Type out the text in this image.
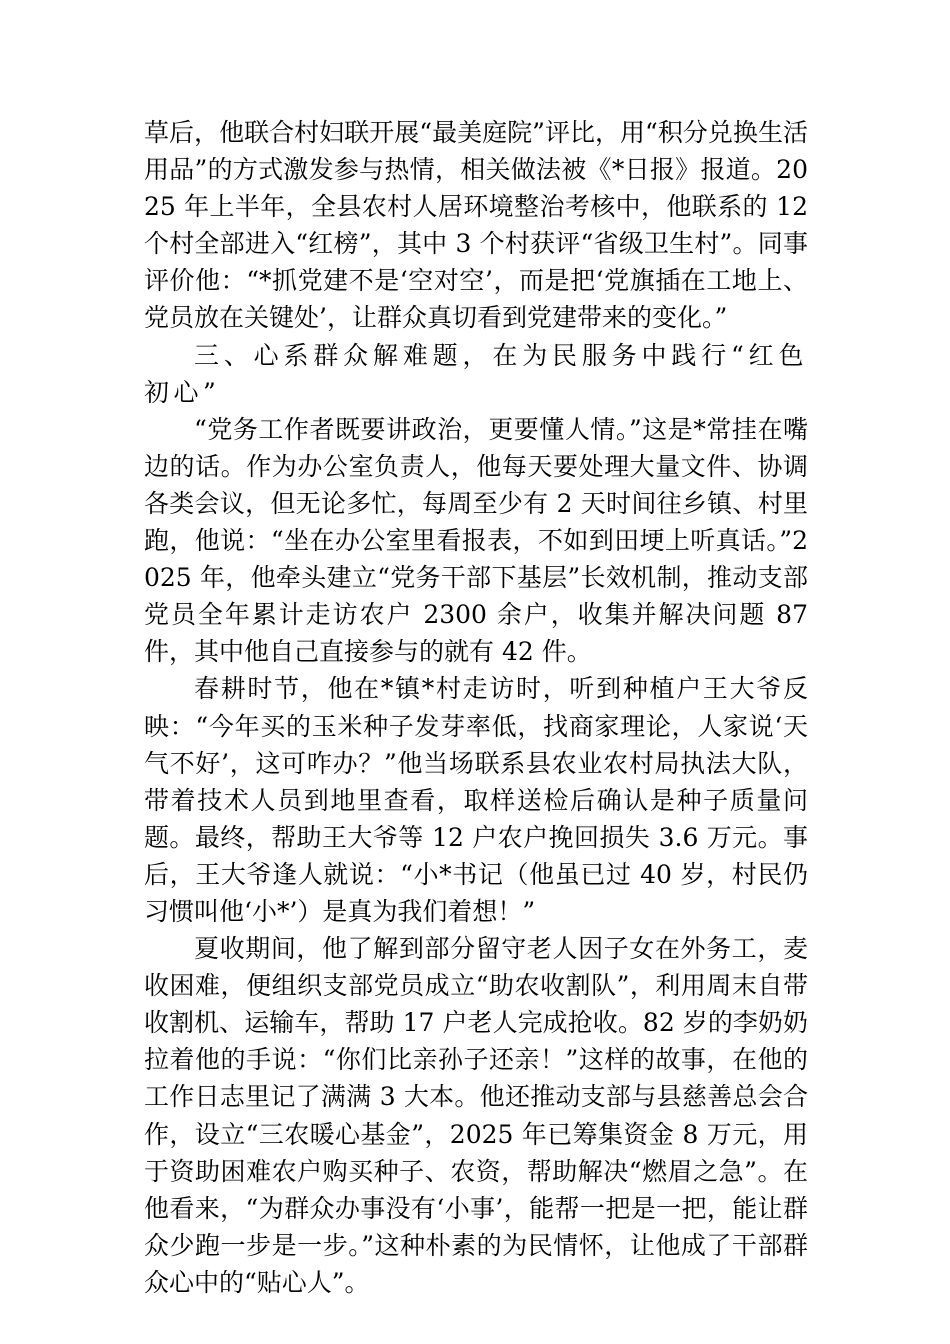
草后，他联合村妇联开展“最美庭院”评比，用“积分兑换生活用品”的方式激发参与热情，相关做法被《*日报》报道。2025 年上半年，全县农村人居环境整治考核中，他联系的 12 个村全部进入“红榜”，其中 3 个村获评“省级卫生村”。同事评价他：“*抓党建不是‘空对空’，而是把‘党旗插在工地上、党员放在关键处’，让群众真切看到党建带来的变化。”

三、心系群众解难题，在为民服务中践行“红色初心”

“党务工作者既要讲政治，更要懂人情。”这是*常挂在嘴边的话。作为办公室负责人，他每天要处理大量文件、协调各类会议，但无论多忙，每周至少有 2 天时间往乡镇、村里跑，他说：“坐在办公室里看报表，不如到田埂上听真话。”2025 年，他牵头建立“党务干部下基层”长效机制，推动支部党员全年累计走访农户 2300 余户，收集并解决问题 87 件，其中他自己直接参与的就有 42 件。

春耕时节，他在*镇*村走访时，听到种植户王大爷反映：“今年买的玉米种子发芽率低，找商家理论，人家说‘天气不好’，这可咋办？”他当场联系县农业农村局执法大队，带着技术人员到地里查看，取样送检后确认是种子质量问题。最终，帮助王大爷等 12 户农户挽回损失 3.6 万元。事后，王大爷逢人就说：“小*书记（他虽已过 40 岁，村民仍习惯叫他‘小*’）是真为我们着想！”

夏收期间，他了解到部分留守老人因子女在外务工，麦收困难，便组织支部党员成立“助农收割队”，利用周末自带收割机、运输车，帮助 17 户老人完成抢收。82 岁的李奶奶拉着他的手说：“你们比亲孙子还亲！”这样的故事，在他的工作日志里记了满满 3 大本。他还推动支部与县慈善总会合作，设立“三农暖心基金”，2025 年已筹集资金 8 万元，用于资助困难农户购买种子、农资，帮助解决“燃眉之急”。在他看来，“为群众办事没有‘小事’，能帮一把是一把，能让群众少跑一步是一步。”这种朴素的为民情怀，让他成了干部群众心中的“贴心人”。
